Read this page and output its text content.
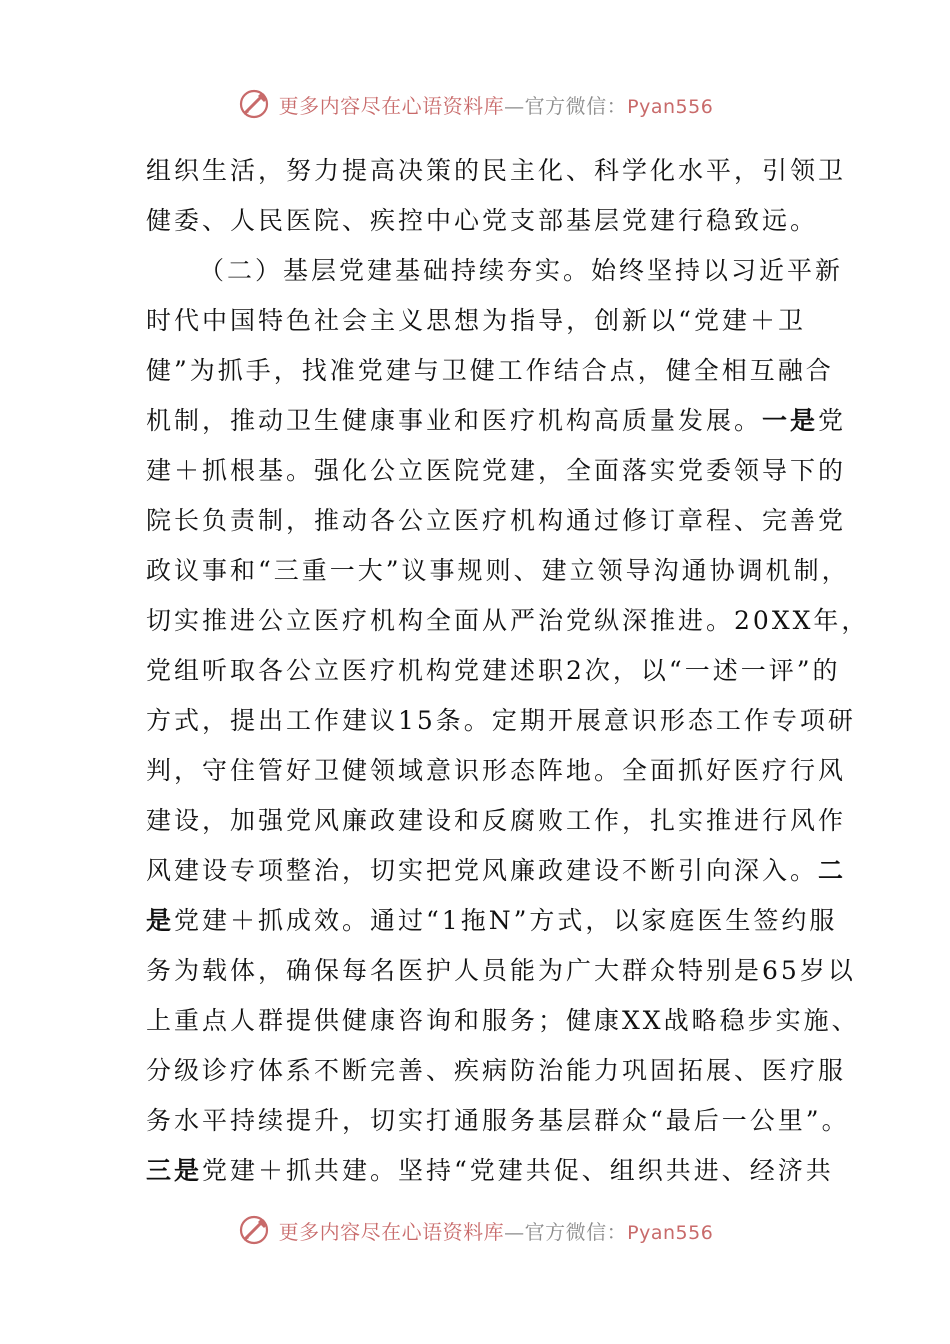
更多内容尽在心语资料库—官方微信：Pyan556
组织生活，努力提高决策的民主化、科学化水平，引领卫
健委、人民医院、疾控中心党支部基层党建行稳致远。
（二）基层党建基础持续夯实。始终坚持以习近平新
时代中国特色社会主义思想为指导，创新以“党建＋卫
健”为抓手，找准党建与卫健工作结合点，健全相互融合
机制，推动卫生健康事业和医疗机构高质量发展。一是党
建＋抓根基。强化公立医院党建，全面落实党委领导下的
院长负责制，推动各公立医疗机构通过修订章程、完善党
政议事和“三重一大”议事规则、建立领导沟通协调机制，
切实推进公立医疗机构全面从严治党纵深推进。20XX年，
党组听取各公立医疗机构党建述职2次，以“一述一评”的
方式，提出工作建议15条。定期开展意识形态工作专项研
判，守住管好卫健领域意识形态阵地。全面抓好医疗行风
建设，加强党风廉政建设和反腐败工作，扎实推进行风作
风建设专项整治，切实把党风廉政建设不断引向深入。二
是党建＋抓成效。通过“1拖N”方式，以家庭医生签约服
务为载体，确保每名医护人员能为广大群众特别是65岁以
上重点人群提供健康咨询和服务；健康XX战略稳步实施、
分级诊疗体系不断完善、疾病防治能力巩固拓展、医疗服
务水平持续提升，切实打通服务基层群众“最后一公里”。
三是党建＋抓共建。坚持“党建共促、组织共进、经济共
更多内容尽在心语资料库—官方微信：Pyan556
